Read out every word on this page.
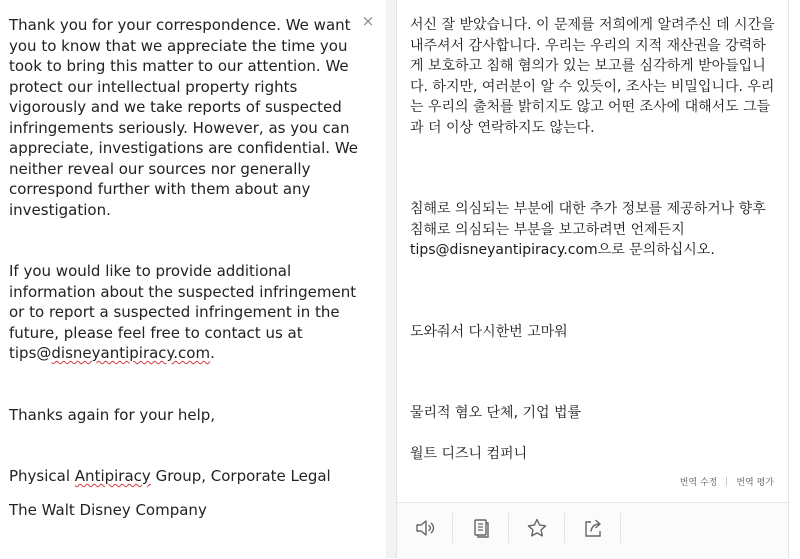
Thank you for your correspondence. We want you to know that we appreciate the time you took to bring this matter to our attention. We protect our intellectual property rights vigorously and we take reports of suspected infringements seriously. However, as you can appreciate, investigations are confidential. We neither reveal our sources nor generally correspond further with them about any investigation.

If you would like to provide additional information about the suspected infringement or to report a suspected infringement in the future, please feel free to contact us at
tips@disneyantipiracy.com.

Thanks again for your help,

Physical Antipiracy Group, Corporate Legal

The Walt Disney Company

×	서신 잘 받았습니다. 이 문제를 저희에게 알려주신 데 시간을 내주셔서 감사합니다. 우리는 우리의 지적 재산권을 강력하게 보호하고 침해 혐의가 있는 보고를 심각하게 받아들입니다. 하지만, 여러분이 알 수 있듯이, 조사는 비밀입니다. 우리는 우리의 출처를 밝히지도 않고 어떤 조사에 대해서도 그들과 더 이상 연락하지도 않는다.

침해로 의심되는 부분에 대한 추가 정보를 제공하거나 향후 침해로 의심되는 부분을 보고하려면 언제든지 tips@disneyantipiracy.com으로 문의하십시오.

도와줘서 다시한번 고마워

물리적 혐오 단체, 기업 법률

월트 디즈니 컴퍼니

번역 수정 번역 평가
